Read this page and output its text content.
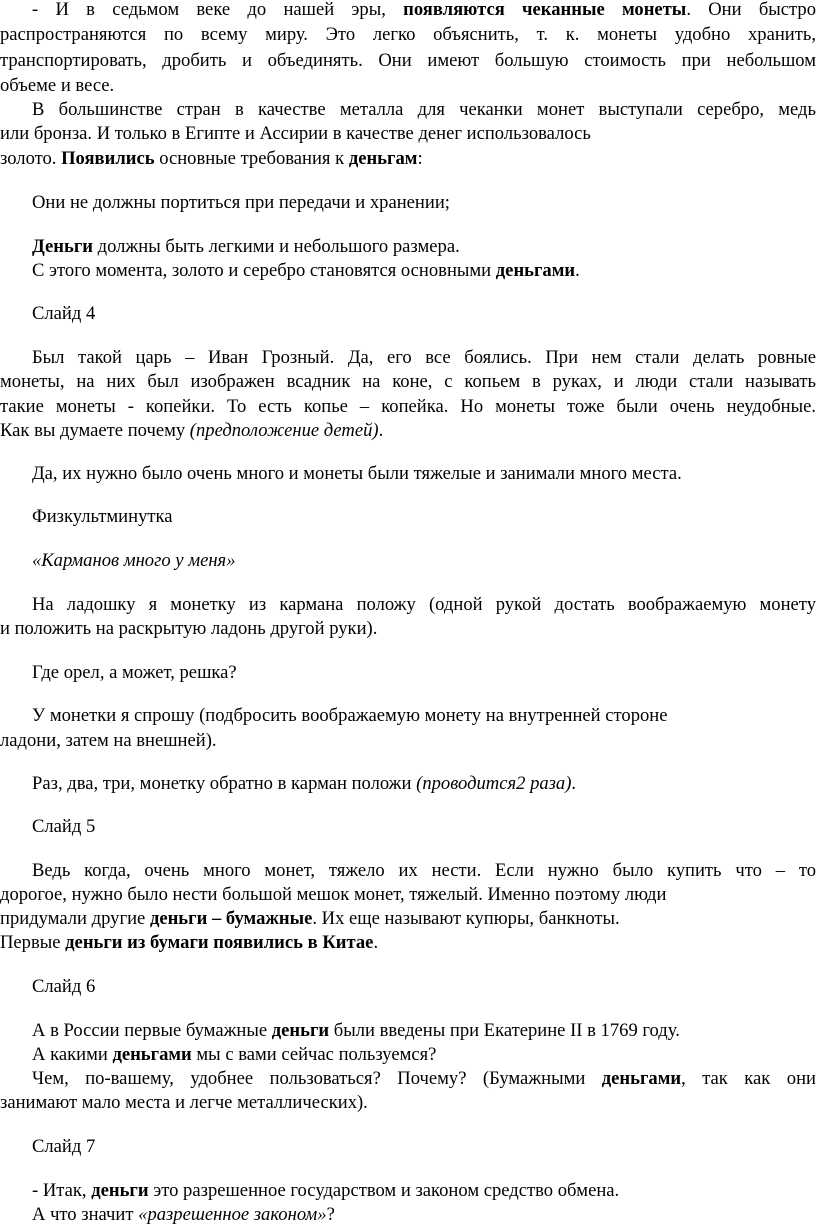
- И в седьмом веке до нашей эры, появляются чеканные монеты. Они быстро
распространяются по всему миру. Это легко объяснить, т. к. монеты удобно хранить,
транспортировать, дробить и объединять. Они имеют большую стоимость при небольшом
объеме и весе.
В большинстве стран в качестве металла для чеканки монет выступали серебро, медь
или бронза. И только в Египте и Ассирии в качестве денег использовалось
золото. Появились основные требования к деньгам:
Они не должны портиться при передачи и хранении;
Деньги должны быть легкими и небольшого размера.
С этого момента, золото и серебро становятся основными деньгами.
Слайд 4
Был такой царь – Иван Грозный. Да, его все боялись. При нем стали делать ровные
монеты, на них был изображен всадник на коне, с копьем в руках, и люди стали называть
такие монеты - копейки. То есть копье – копейка. Но монеты тоже были очень неудобные.
Как вы думаете почему (предположение детей).
Да, их нужно было очень много и монеты были тяжелые и занимали много места.
Физкультминутка
«Карманов много у меня»
На ладошку я монетку из кармана положу (одной рукой достать воображаемую монету
и положить на раскрытую ладонь другой руки).
Где орел, а может, решка?
У монетки я спрошу (подбросить воображаемую монету на внутренней стороне
ладони, затем на внешней).
Раз, два, три, монетку обратно в карман положи (проводится2 раза).
Слайд 5
Ведь когда, очень много монет, тяжело их нести. Если нужно было купить что – то
дорогое, нужно было нести большой мешок монет, тяжелый. Именно поэтому люди
придумали другие деньги – бумажные. Их еще называют купюры, банкноты.
Первые деньги из бумаги появились в Китае.
Слайд 6
А в России первые бумажные деньги были введены при Екатерине II в 1769 году.
А какими деньгами мы с вами сейчас пользуемся?
Чем, по-вашему, удобнее пользоваться? Почему? (Бумажными деньгами, так как они
занимают мало места и легче металлических).
Слайд 7
- Итак, деньги это разрешенное государством и законом средство обмена.
А что значит «разрешенное законом»?
